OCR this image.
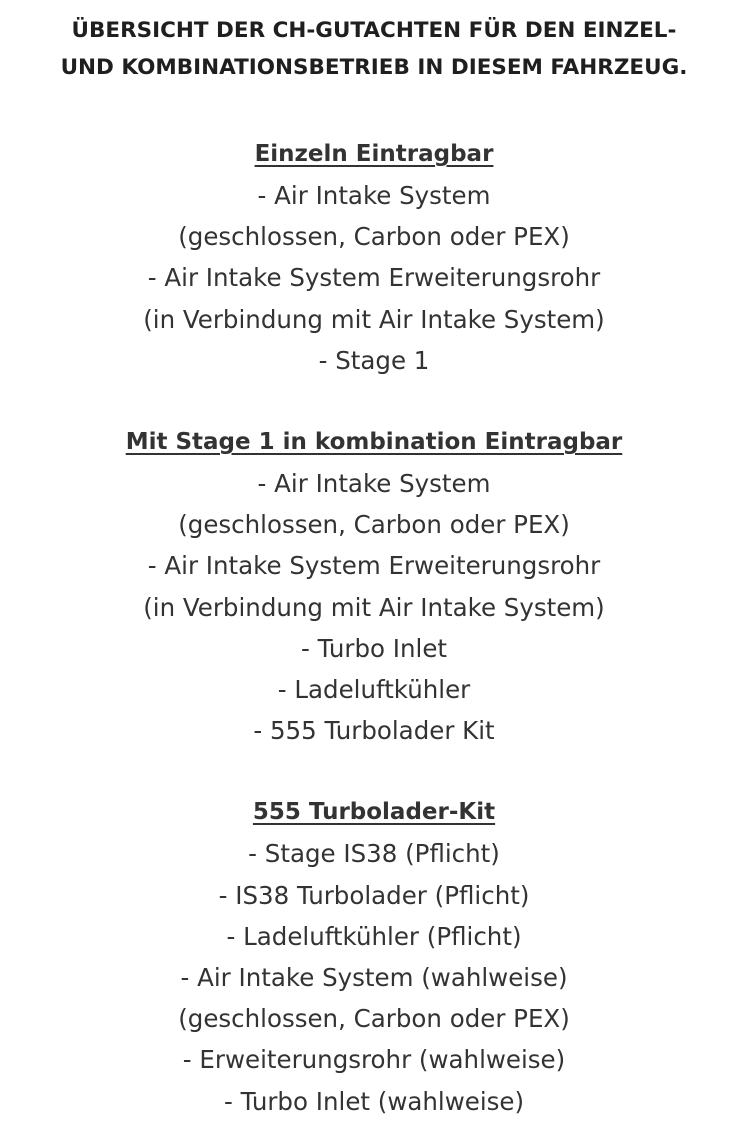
ÜBERSICHT DER CH-GUTACHTEN FÜR DEN EINZEL-
UND KOMBINATIONSBETRIEB IN DIESEM FAHRZEUG.
Einzeln Eintragbar
- Air Intake System
(geschlossen, Carbon oder PEX)
- Air Intake System Erweiterungsrohr
(in Verbindung mit Air Intake System)
- Stage 1
Mit Stage 1 in kombination Eintragbar
- Air Intake System
(geschlossen, Carbon oder PEX)
- Air Intake System Erweiterungsrohr
(in Verbindung mit Air Intake System)
- Turbo Inlet
- Ladeluftkühler
- 555 Turbolader Kit
555 Turbolader-Kit
- Stage IS38 (Pflicht)
- IS38 Turbolader (Pflicht)
- Ladeluftkühler (Pflicht)
- Air Intake System (wahlweise)
(geschlossen, Carbon oder PEX)
- Erweiterungsrohr (wahlweise)
- Turbo Inlet (wahlweise)
